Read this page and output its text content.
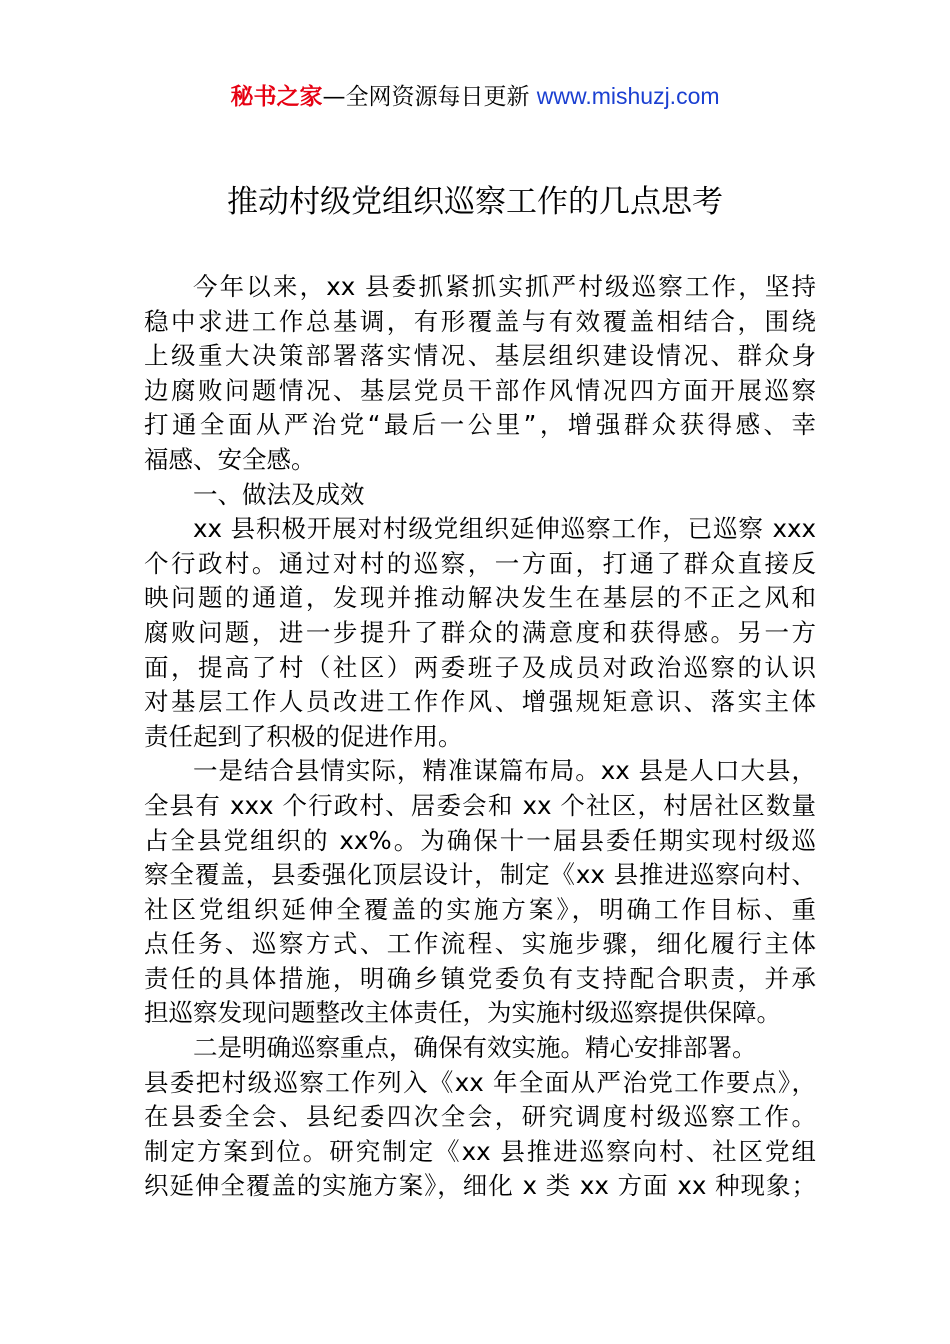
秘书之家—全网资源每日更新 www.mishuzj.com
推动村级党组织巡察工作的几点思考
今年以来，xx 县委抓紧抓实抓严村级巡察工作，坚持
稳中求进工作总基调，有形覆盖与有效覆盖相结合，围绕
上级重大决策部署落实情况、基层组织建设情况、群众身
边腐败问题情况、基层党员干部作风情况四方面开展巡察
打通全面从严治党“最后一公里”，增强群众获得感、幸
福感、安全感。
一、做法及成效
xx 县积极开展对村级党组织延伸巡察工作，已巡察 xxx
个行政村。通过对村的巡察，一方面，打通了群众直接反
映问题的通道，发现并推动解决发生在基层的不正之风和
腐败问题，进一步提升了群众的满意度和获得感。另一方
面，提高了村（社区）两委班子及成员对政治巡察的认识
对基层工作人员改进工作作风、增强规矩意识、落实主体
责任起到了积极的促进作用。
一是结合县情实际，精准谋篇布局。xx 县是人口大县，
全县有 xxx 个行政村、居委会和 xx 个社区，村居社区数量
占全县党组织的 xx%。为确保十一届县委任期实现村级巡
察全覆盖，县委强化顶层设计，制定《xx 县推进巡察向村、
社区党组织延伸全覆盖的实施方案》，明确工作目标、重
点任务、巡察方式、工作流程、实施步骤，细化履行主体
责任的具体措施，明确乡镇党委负有支持配合职责，并承
担巡察发现问题整改主体责任，为实施村级巡察提供保障。
二是明确巡察重点，确保有效实施。精心安排部署。
县委把村级巡察工作列入《xx 年全面从严治党工作要点》，
在县委全会、县纪委四次全会，研究调度村级巡察工作。
制定方案到位。研究制定《xx 县推进巡察向村、社区党组
织延伸全覆盖的实施方案》，细化 x 类 xx 方面 xx 种现象；
